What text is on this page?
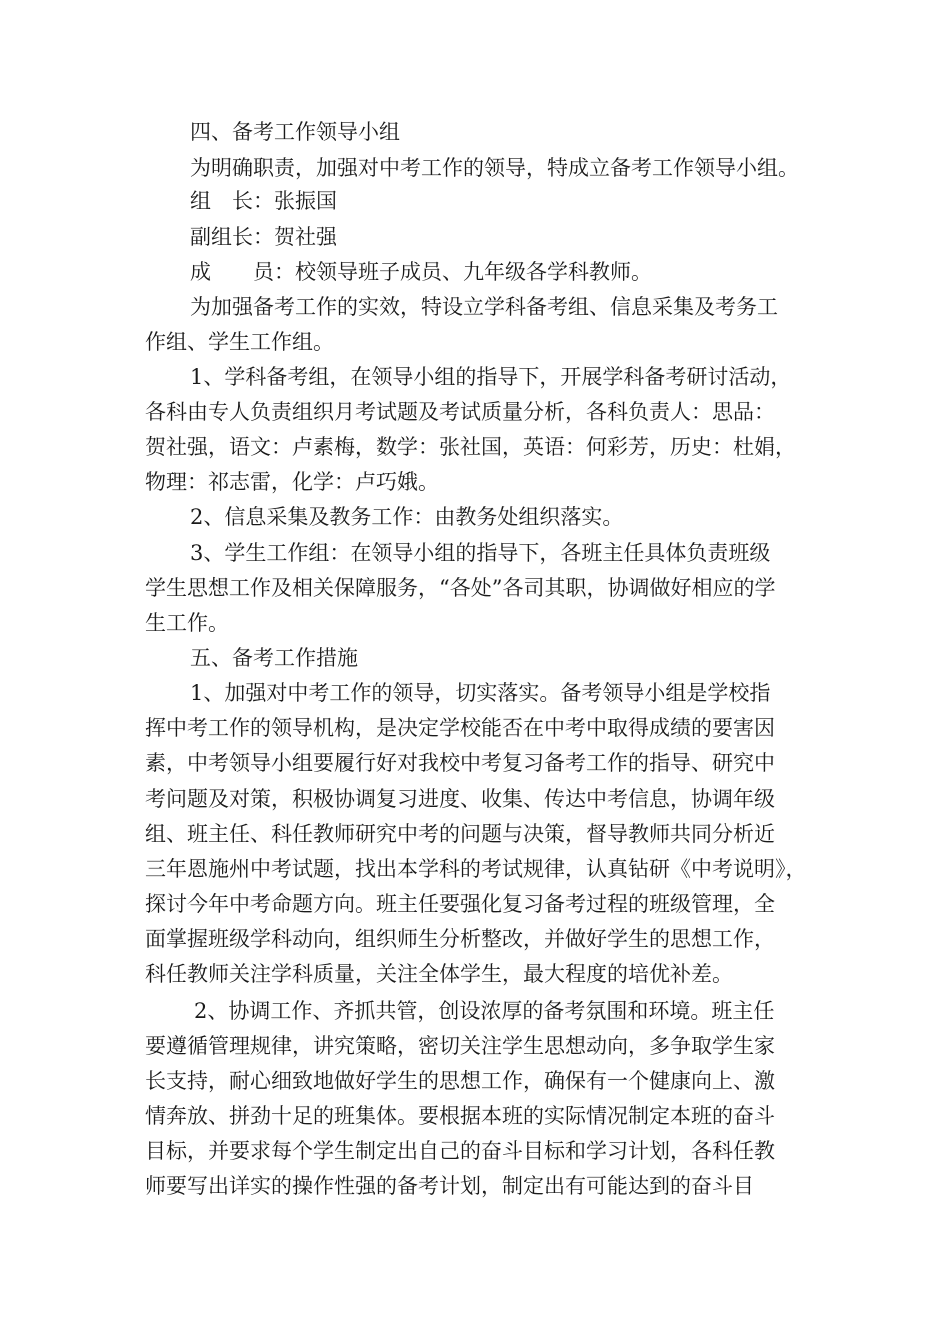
四、备考工作领导小组
为明确职责，加强对中考工作的领导，特成立备考工作领导小组。
组　长：张振国
副组长：贺社强
成　　员：校领导班子成员、九年级各学科教师。
为加强备考工作的实效，特设立学科备考组、信息采集及考务工
作组、学生工作组。
1、学科备考组，在领导小组的指导下，开展学科备考研讨活动，
各科由专人负责组织月考试题及考试质量分析，各科负责人：思品：
贺社强，语文：卢素梅，数学：张社国，英语：何彩芳，历史：杜娟，
物理：祁志雷，化学：卢巧娥。
2、信息采集及教务工作：由教务处组织落实。
3、学生工作组：在领导小组的指导下，各班主任具体负责班级
学生思想工作及相关保障服务，“各处”各司其职，协调做好相应的学
生工作。
五、备考工作措施
1、加强对中考工作的领导，切实落实。备考领导小组是学校指
挥中考工作的领导机构，是决定学校能否在中考中取得成绩的要害因
素，中考领导小组要履行好对我校中考复习备考工作的指导、研究中
考问题及对策，积极协调复习进度、收集、传达中考信息，协调年级
组、班主任、科任教师研究中考的问题与决策，督导教师共同分析近
三年恩施州中考试题，找出本学科的考试规律，认真钻研《中考说明》，
探讨今年中考命题方向。班主任要强化复习备考过程的班级管理，全
面掌握班级学科动向，组织师生分析整改，并做好学生的思想工作，
科任教师关注学科质量，关注全体学生，最大程度的培优补差。
2、协调工作、齐抓共管，创设浓厚的备考氛围和环境。班主任
要遵循管理规律，讲究策略，密切关注学生思想动向，多争取学生家
长支持，耐心细致地做好学生的思想工作，确保有一个健康向上、激
情奔放、拼劲十足的班集体。要根据本班的实际情况制定本班的奋斗
目标，并要求每个学生制定出自己的奋斗目标和学习计划，各科任教
师要写出详实的操作性强的备考计划，制定出有可能达到的奋斗目
